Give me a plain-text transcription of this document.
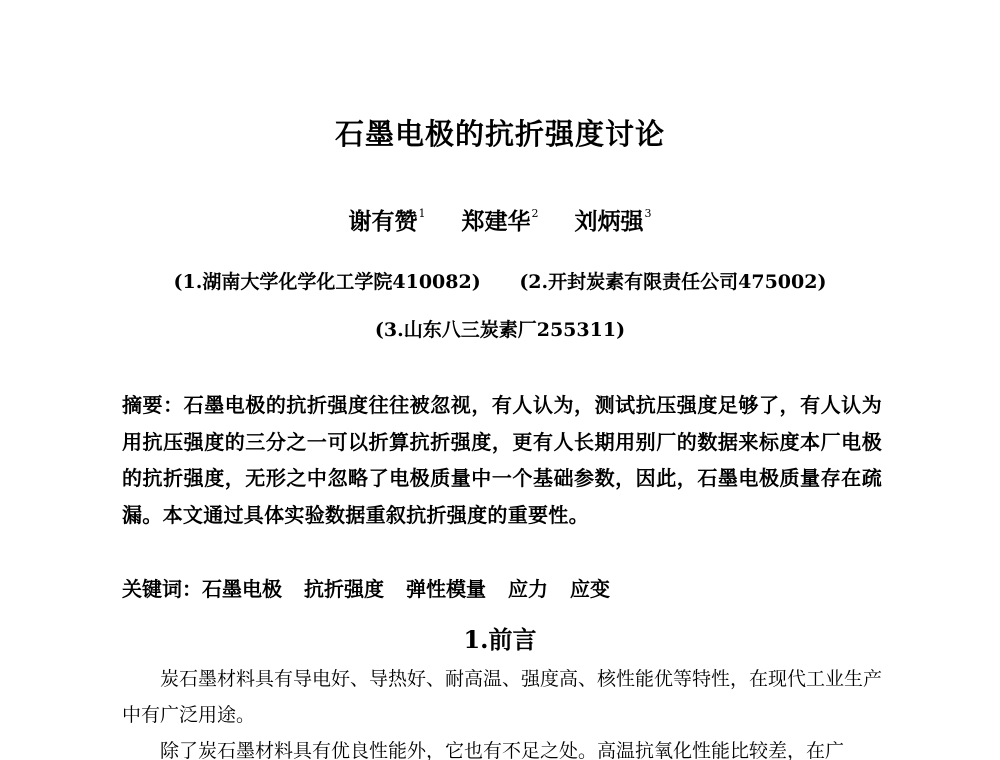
石墨电极的抗折强度讨论
谢有赞$^1$ 郑建华$^2$ 刘炳强$^3$
(1.湖南大学化学化工学院410082) (2.开封炭素有限责任公司475002)
(3.山东八三炭素厂255311)
摘要：石墨电极的抗折强度往往被忽视，有人认为，测试抗压强度足够了，有人认为用抗压强度的三分之一可以折算抗折强度，更有人长期用别厂的数据来标度本厂电极的抗折强度，无形之中忽略了电极质量中一个基础参数，因此，石墨电极质量存在疏漏。本文通过具体实验数据重叙抗折强度的重要性。
关键词：石墨电极 抗折强度 弹性模量 应力 应变
1.前言

炭石墨材料具有导电好、导热好、耐高温、强度高、核性能优等特性，在现代工业生产中有广泛用途。

除了炭石墨材料具有优良性能外，它也有不足之处。高温抗氧化性能比较差，在广
